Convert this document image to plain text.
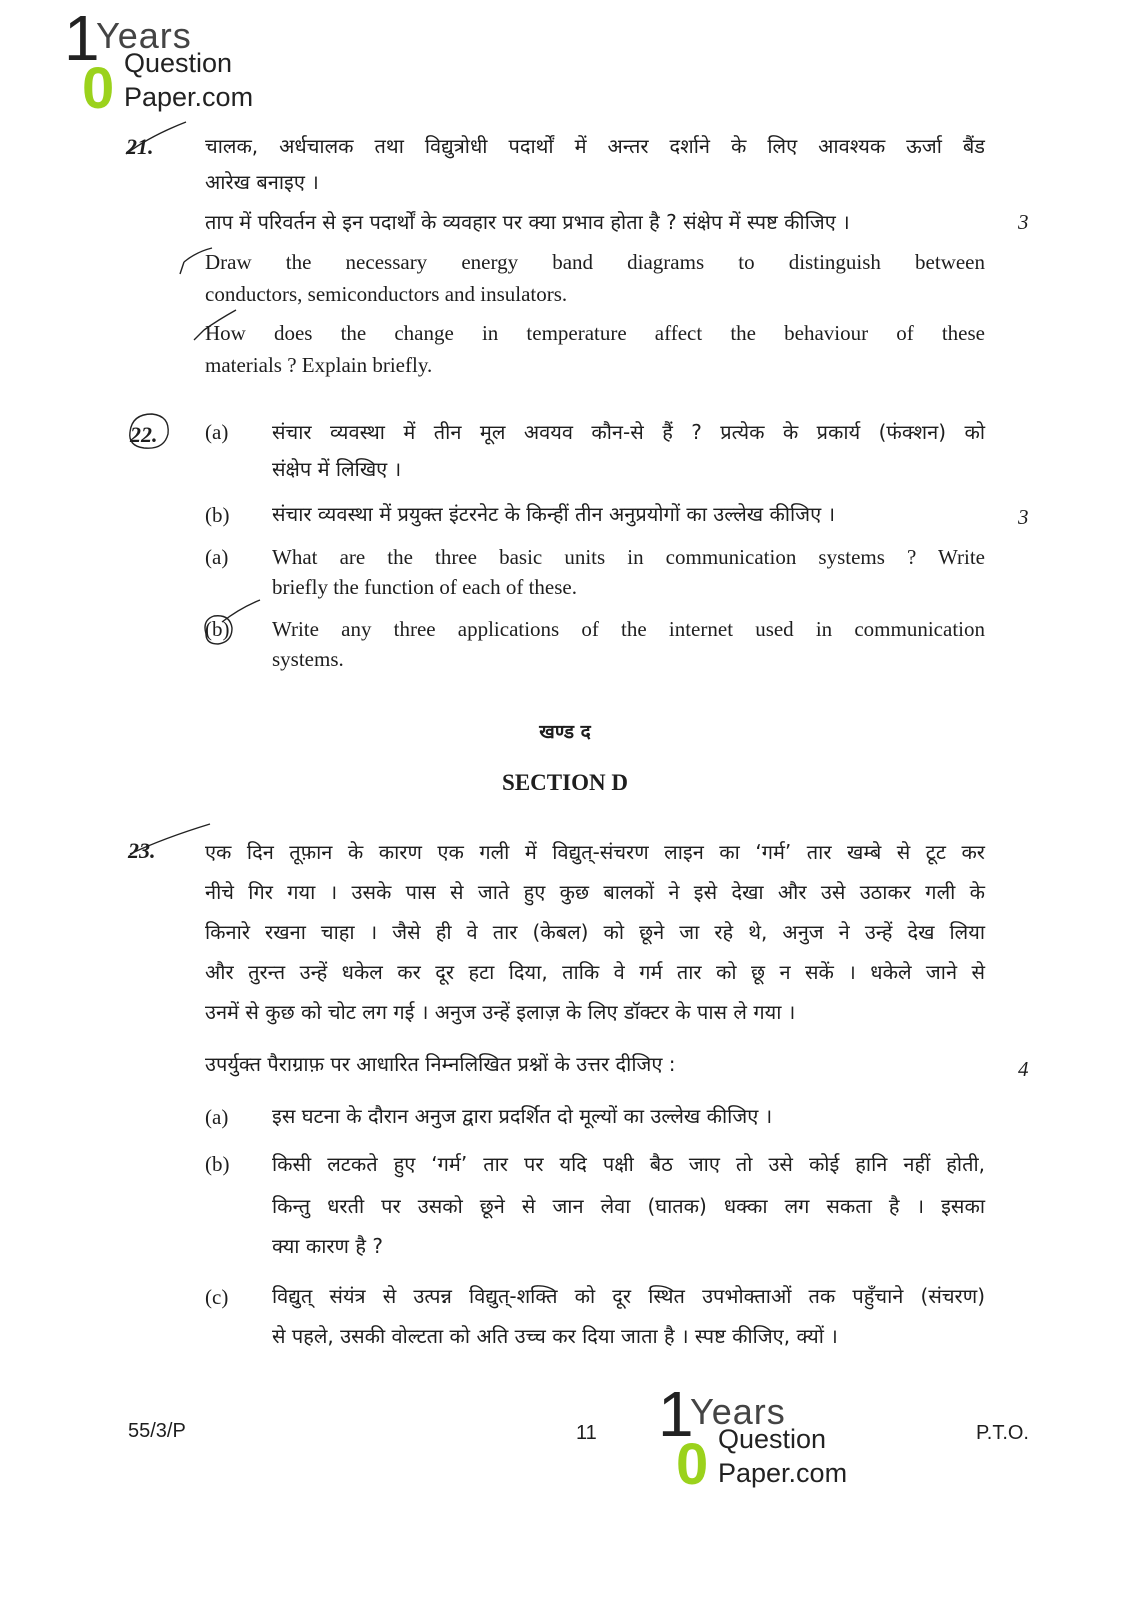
1
0
Years
Question
Paper.com
21.	चालक, अर्धचालक तथा विद्युत्रोधी पदार्थों में अन्तर दर्शाने के लिए आवश्यक ऊर्जा बैंड
आरेख बनाइए ।
ताप में परिवर्तन से इन पदार्थों के व्यवहार पर क्या प्रभाव होता है ? संक्षेप में स्पष्ट कीजिए ।	3
Draw the necessary energy band diagrams to distinguish between
conductors, semiconductors and insulators.
How does the change in temperature affect the behaviour of these
materials ? Explain briefly.
22. (a) संचार व्यवस्था में तीन मूल अवयव कौन-से हैं ? प्रत्येक के प्रकार्य (फंक्शन) को
संक्षेप में लिखिए ।
(b) संचार व्यवस्था में प्रयुक्त इंटरनेट के किन्हीं तीन अनुप्रयोगों का उल्लेख कीजिए ।	3
(a) What are the three basic units in communication systems ? Write
briefly the function of each of these.
(b) Write any three applications of the internet used in communication
systems.
खण्ड द
SECTION D
23. एक दिन तूफ़ान के कारण एक गली में विद्युत्-संचरण लाइन का ‘गर्म’ तार खम्बे से टूट कर
नीचे गिर गया । उसके पास से जाते हुए कुछ बालकों ने इसे देखा और उसे उठाकर गली के
किनारे रखना चाहा । जैसे ही वे तार (केबल) को छूने जा रहे थे, अनुज ने उन्हें देख लिया
और तुरन्त उन्हें धकेल कर दूर हटा दिया, ताकि वे गर्म तार को छू न सकें । धकेले जाने से
उनमें से कुछ को चोट लग गई । अनुज उन्हें इलाज़ के लिए डॉक्टर के पास ले गया ।
उपर्युक्त पैराग्राफ़ पर आधारित निम्नलिखित प्रश्नों के उत्तर दीजिए :	4
(a) इस घटना के दौरान अनुज द्वारा प्रदर्शित दो मूल्यों का उल्लेख कीजिए ।
(b) किसी लटकते हुए ‘गर्म’ तार पर यदि पक्षी बैठ जाए तो उसे कोई हानि नहीं होती,
किन्तु धरती पर उसको छूने से जान लेवा (घातक) धक्का लग सकता है । इसका
क्या कारण है ?
(c) विद्युत् संयंत्र से उत्पन्न विद्युत्-शक्ति को दूर स्थित उपभोक्ताओं तक पहुँचाने (संचरण)
से पहले, उसकी वोल्टता को अति उच्च कर दिया जाता है । स्पष्ट कीजिए, क्यों ।
55/3/P	11	P.T.O.
1
0
Years
Question
Paper.com
